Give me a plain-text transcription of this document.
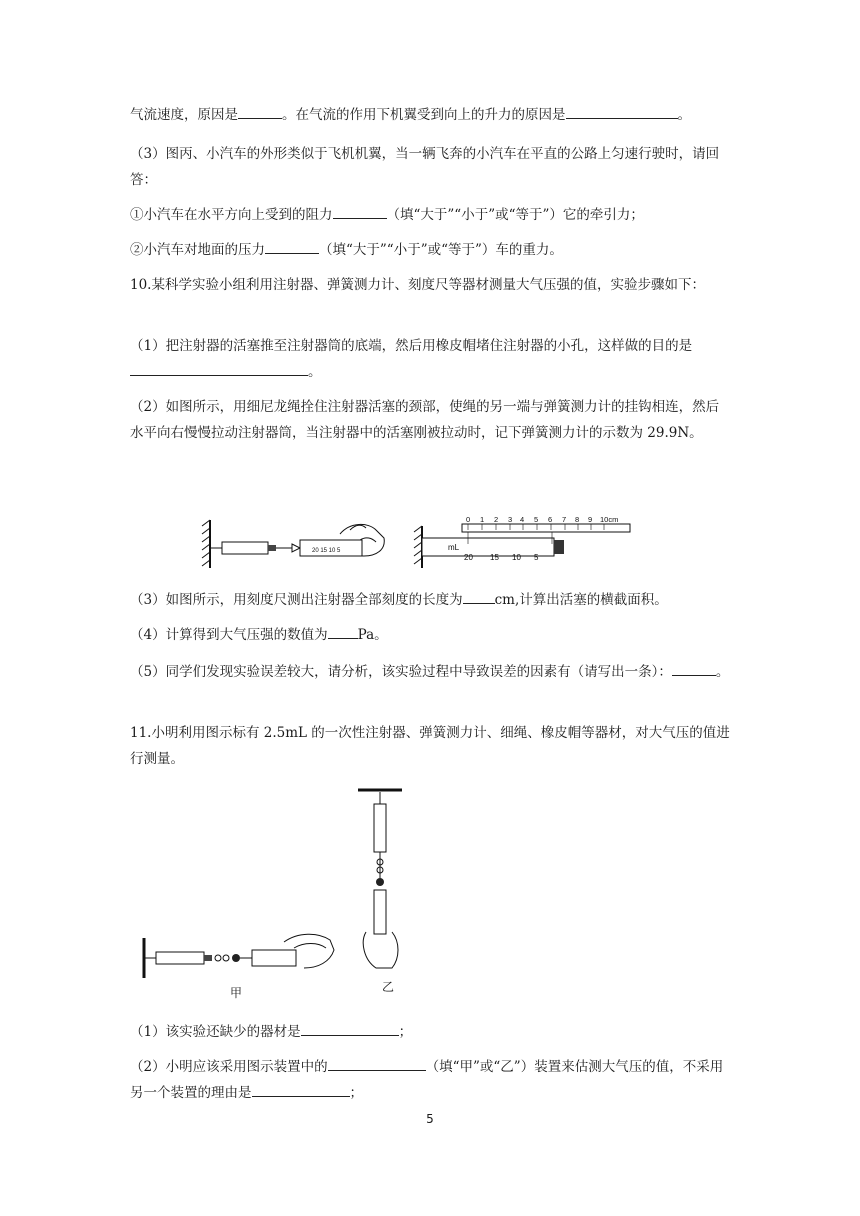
气流速度，原因是	。在气流的作用下机翼受到向上的升力的原因是	。

（3）图丙、小汽车的外形类似于飞机机翼，当一辆飞奔的小汽车在平直的公路上匀速行驶时，请回答：

①小汽车在水平方向上受到的阻力	（填“大于”“小于”或“等于”）它的牵引力；

②小汽车对地面的压力	（填“大于”“小于”或“等于”）车的重力。

10.某科学实验小组利用注射器、弹簧测力计、刻度尺等器材测量大气压强的值，实验步骤如下：

（1）把注射器的活塞推至注射器筒的底端，然后用橡皮帽堵住注射器的小孔，这样做的目的是。

（2）如图所示，用细尼龙绳拴住注射器活塞的颈部，使绳的另一端与弹簧测力计的挂钩相连，然后水平向右慢慢拉动注射器筒，当注射器中的活塞刚被拉动时，记下弹簧测力计的示数为 29.9N。

20 15 10 5
0 1 2 3 4 5 6 7 8 9 10cm
mL
20 15 10 5

（3）如图所示，用刻度尺测出注射器全部刻度的长度为 cm,计算出活塞的横截面积。

（4）计算得到大气压强的数值为 Pa。

（5）同学们发现实验误差较大，请分析，该实验过程中导致误差的因素有（请写出一条）：	。

11.小明利用图示标有 2.5mL 的一次性注射器、弹簧测力计、细绳、橡皮帽等器材，对大气压的值进行测量。

甲	乙

（1）该实验还缺少的器材是	；

（2）小明应该采用图示装置中的	（填“甲”或“乙”）装置来估测大气压的值，不采用另一个装置的理由是	；

5
